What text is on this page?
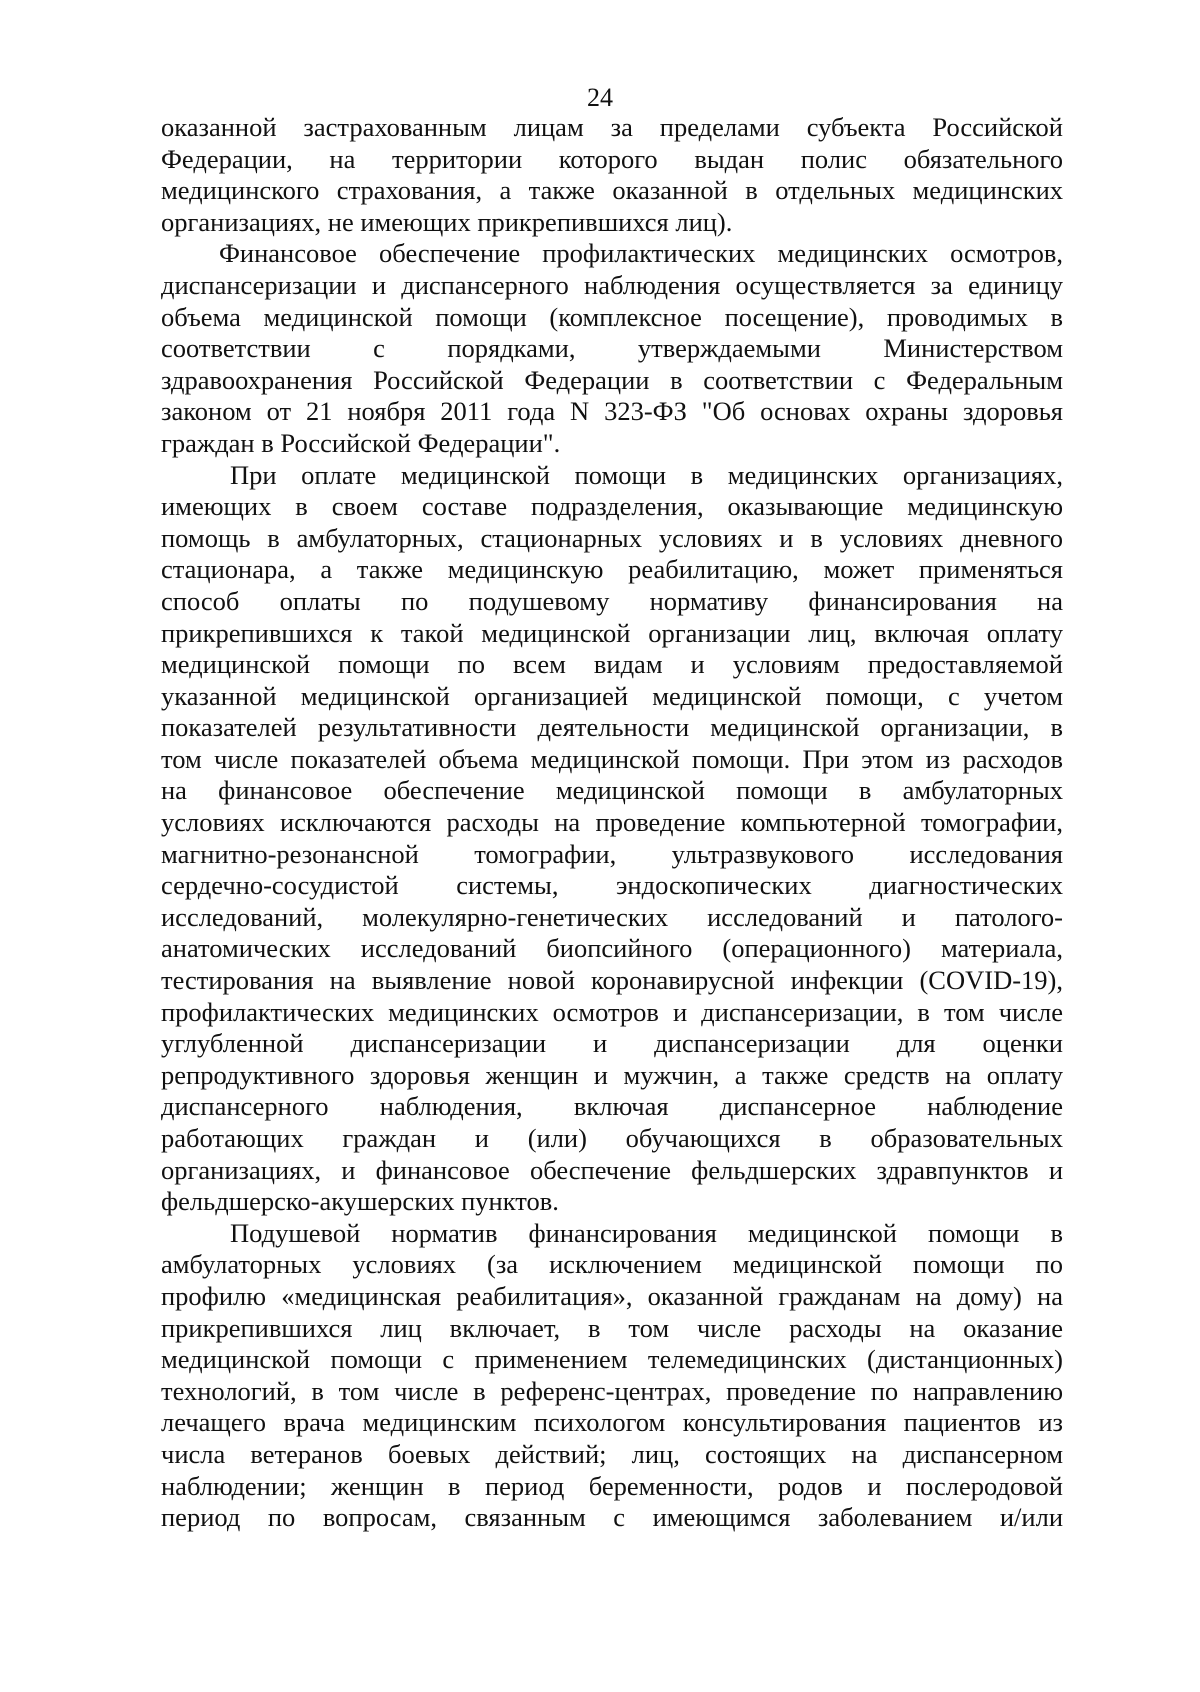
24

оказанной застрахованным лицам за пределами субъекта Российской
Федерации, на территории которого выдан полис обязательного
медицинского страхования, а также оказанной в отдельных медицинских
организациях, не имеющих прикрепившихся лиц).

Финансовое обеспечение профилактических медицинских осмотров,
диспансеризации и диспансерного наблюдения осуществляется за единицу
объема медицинской помощи (комплексное посещение), проводимых в
соответствии с порядками, утверждаемыми Министерством
здравоохранения Российской Федерации в соответствии с Федеральным
законом от 21 ноября 2011 года N 323-ФЗ "Об основах охраны здоровья
граждан в Российской Федерации".

При оплате медицинской помощи в медицинских организациях,
имеющих в своем составе подразделения, оказывающие медицинскую
помощь в амбулаторных, стационарных условиях и в условиях дневного
стационара, а также медицинскую реабилитацию, может применяться
способ оплаты по подушевому нормативу финансирования на
прикрепившихся к такой медицинской организации лиц, включая оплату
медицинской помощи по всем видам и условиям предоставляемой
указанной медицинской организацией медицинской помощи, с учетом
показателей результативности деятельности медицинской организации, в
том числе показателей объема медицинской помощи. При этом из расходов
на финансовое обеспечение медицинской помощи в амбулаторных
условиях исключаются расходы на проведение компьютерной томографии,
магнитно-резонансной томографии, ультразвукового исследования
сердечно-сосудистой системы, эндоскопических диагностических
исследований, молекулярно-генетических исследований и патолого-
анатомических исследований биопсийного (операционного) материала,
тестирования на выявление новой коронавирусной инфекции (COVID-19),
профилактических медицинских осмотров и диспансеризации, в том числе
углубленной диспансеризации и диспансеризации для оценки
репродуктивного здоровья женщин и мужчин, а также средств на оплату
диспансерного наблюдения, включая диспансерное наблюдение
работающих граждан и (или) обучающихся в образовательных
организациях, и финансовое обеспечение фельдшерских здравпунктов и
фельдшерско-акушерских пунктов.

Подушевой норматив финансирования медицинской помощи в
амбулаторных условиях (за исключением медицинской помощи по
профилю «медицинская реабилитация», оказанной гражданам на дому) на
прикрепившихся лиц включает, в том числе расходы на оказание
медицинской помощи с применением телемедицинских (дистанционных)
технологий, в том числе в референс-центрах, проведение по направлению
лечащего врача медицинским психологом консультирования пациентов из
числа ветеранов боевых действий; лиц, состоящих на диспансерном
наблюдении; женщин в период беременности, родов и послеродовой
период по вопросам, связанным с имеющимся заболеванием и/или
